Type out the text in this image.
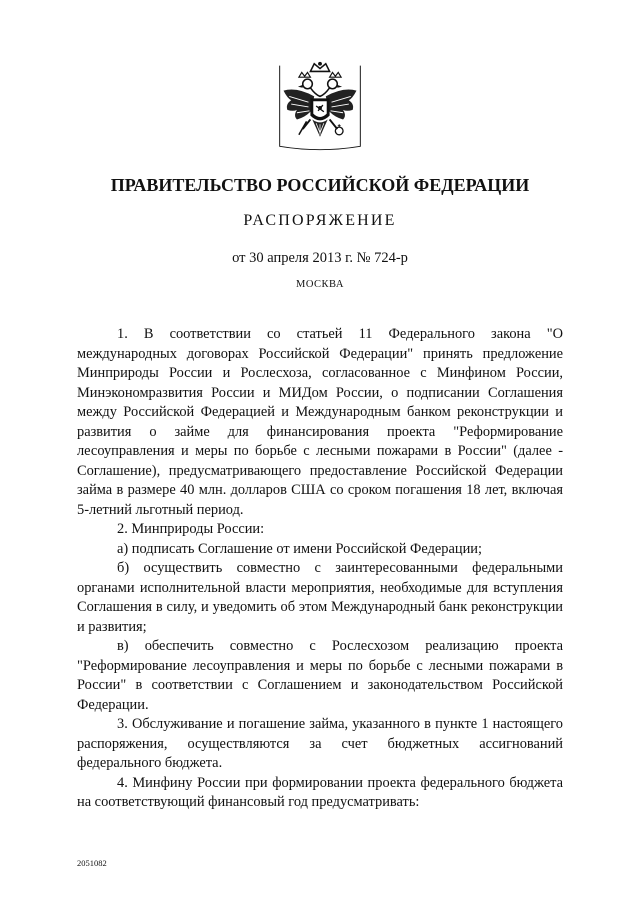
ПРАВИТЕЛЬСТВО РОССИЙСКОЙ ФЕДЕРАЦИИ
РАСПОРЯЖЕНИЕ
от 30 апреля 2013 г. № 724-р
МОСКВА

1. В соответствии со статьей 11 Федерального закона "О международных договорах Российской Федерации" принять предложение Минприроды России и Рослесхоза, согласованное с Минфином России, Минэкономразвития России и МИДом России, о подписании Соглашения между Российской Федерацией и Международным банком реконструкции и развития о займе для финансирования проекта "Реформирование лесоуправления и меры по борьбе с лесными пожарами в России" (далее - Соглашение), предусматривающего предоставление Российской Федерации займа в размере 40 млн. долларов США со сроком погашения 18 лет, включая 5-летний льготный период.

2. Минприроды России:

а) подписать Соглашение от имени Российской Федерации;

б) осуществить совместно с заинтересованными федеральными органами исполнительной власти мероприятия, необходимые для вступления Соглашения в силу, и уведомить об этом Международный банк реконструкции и развития;

в) обеспечить совместно с Рослесхозом реализацию проекта "Реформирование лесоуправления и меры по борьбе с лесными пожарами в России" в соответствии с Соглашением и законодательством Российской Федерации.

3. Обслуживание и погашение займа, указанного в пункте 1 настоящего распоряжения, осуществляются за счет бюджетных ассигнований федерального бюджета.

4. Минфину России при формировании проекта федерального бюджета на соответствующий финансовый год предусматривать:

2051082
